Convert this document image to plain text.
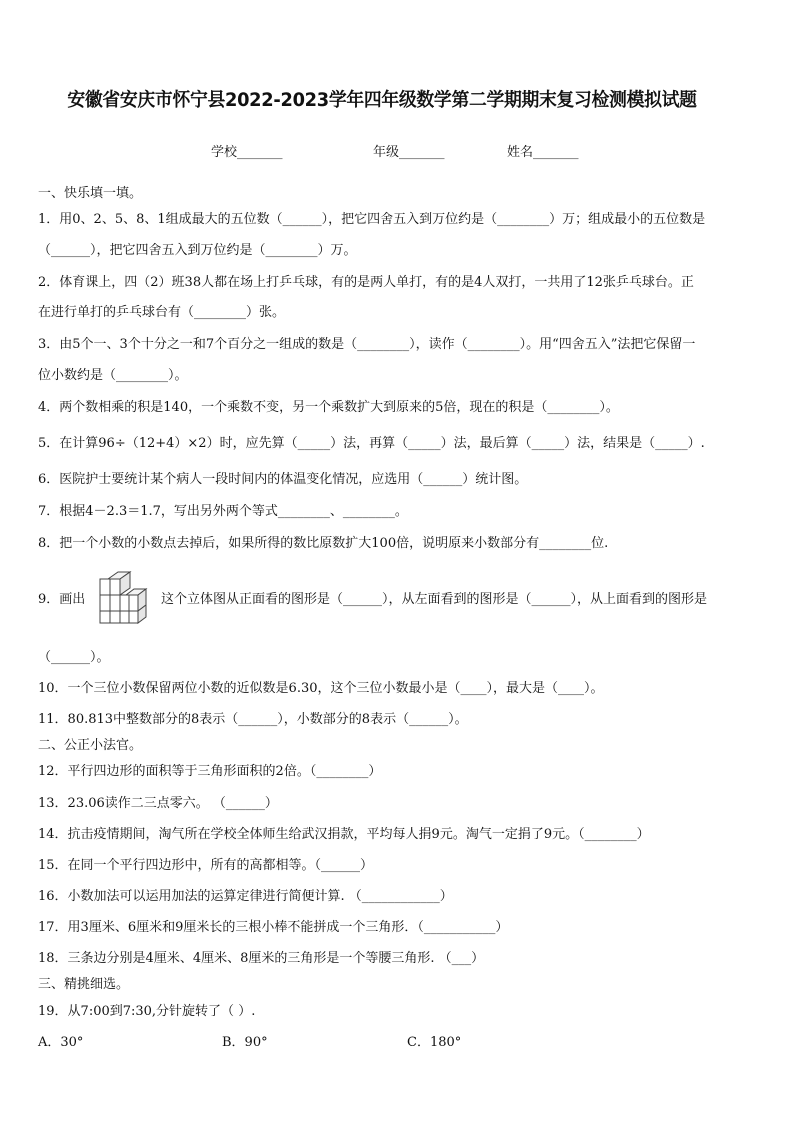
安徽省安庆市怀宁县2022-2023学年四年级数学第二学期期末复习检测模拟试题
学校_______	年级_______	姓名_______
一、快乐填一填。
1．用0、2、5、8、1组成最大的五位数（______），把它四舍五入到万位约是（________）万；组成最小的五位数是
（______），把它四舍五入到万位约是（________）万。
2．体育课上，四（2）班38人都在场上打乒乓球，有的是两人单打，有的是4人双打，一共用了12张乒乓球台。正
在进行单打的乒乓球台有（________）张。
3．由5个一、3个十分之一和7个百分之一组成的数是（________），读作（________）。用“四舍五入”法把它保留一
位小数约是（________）。
4．两个数相乘的积是140，一个乘数不变，另一个乘数扩大到原来的5倍，现在的积是（________）。
5．在计算96÷（12+4）×2）时，应先算（_____）法，再算（_____）法，最后算（_____）法，结果是（_____）.
6．医院护士要统计某个病人一段时间内的体温变化情况，应选用（______）统计图。
7．根据4－2.3＝1.7，写出另外两个等式________、________。
8．把一个小数的小数点去掉后，如果所得的数比原数扩大100倍，说明原来小数部分有________位.
9．画出	这个立体图从正面看的图形是（______），从左面看到的图形是（______），从上面看到的图形是
（______）。
10．一个三位小数保留两位小数的近似数是6.30，这个三位小数最小是（____），最大是（____）。
11．80.813中整数部分的8表示（______），小数部分的8表示（______）。
二、公正小法官。
12．平行四边形的面积等于三角形面积的2倍。（________）
13．23.06读作二三点零六。 （______）
14．抗击疫情期间，淘气所在学校全体师生给武汉捐款，平均每人捐9元。淘气一定捐了9元。（________）
15．在同一个平行四边形中，所有的高都相等。（______）
16．小数加法可以运用加法的运算定律进行简便计算. （____________）
17．用3厘米、6厘米和9厘米长的三根小棒不能拼成一个三角形．（___________）
18．三条边分别是4厘米、4厘米、8厘米的三角形是一个等腰三角形. （___）
三、精挑细选。
19．从7:00到7:30,分针旋转了（ ）.
A．30°	B．90°	C．180°
